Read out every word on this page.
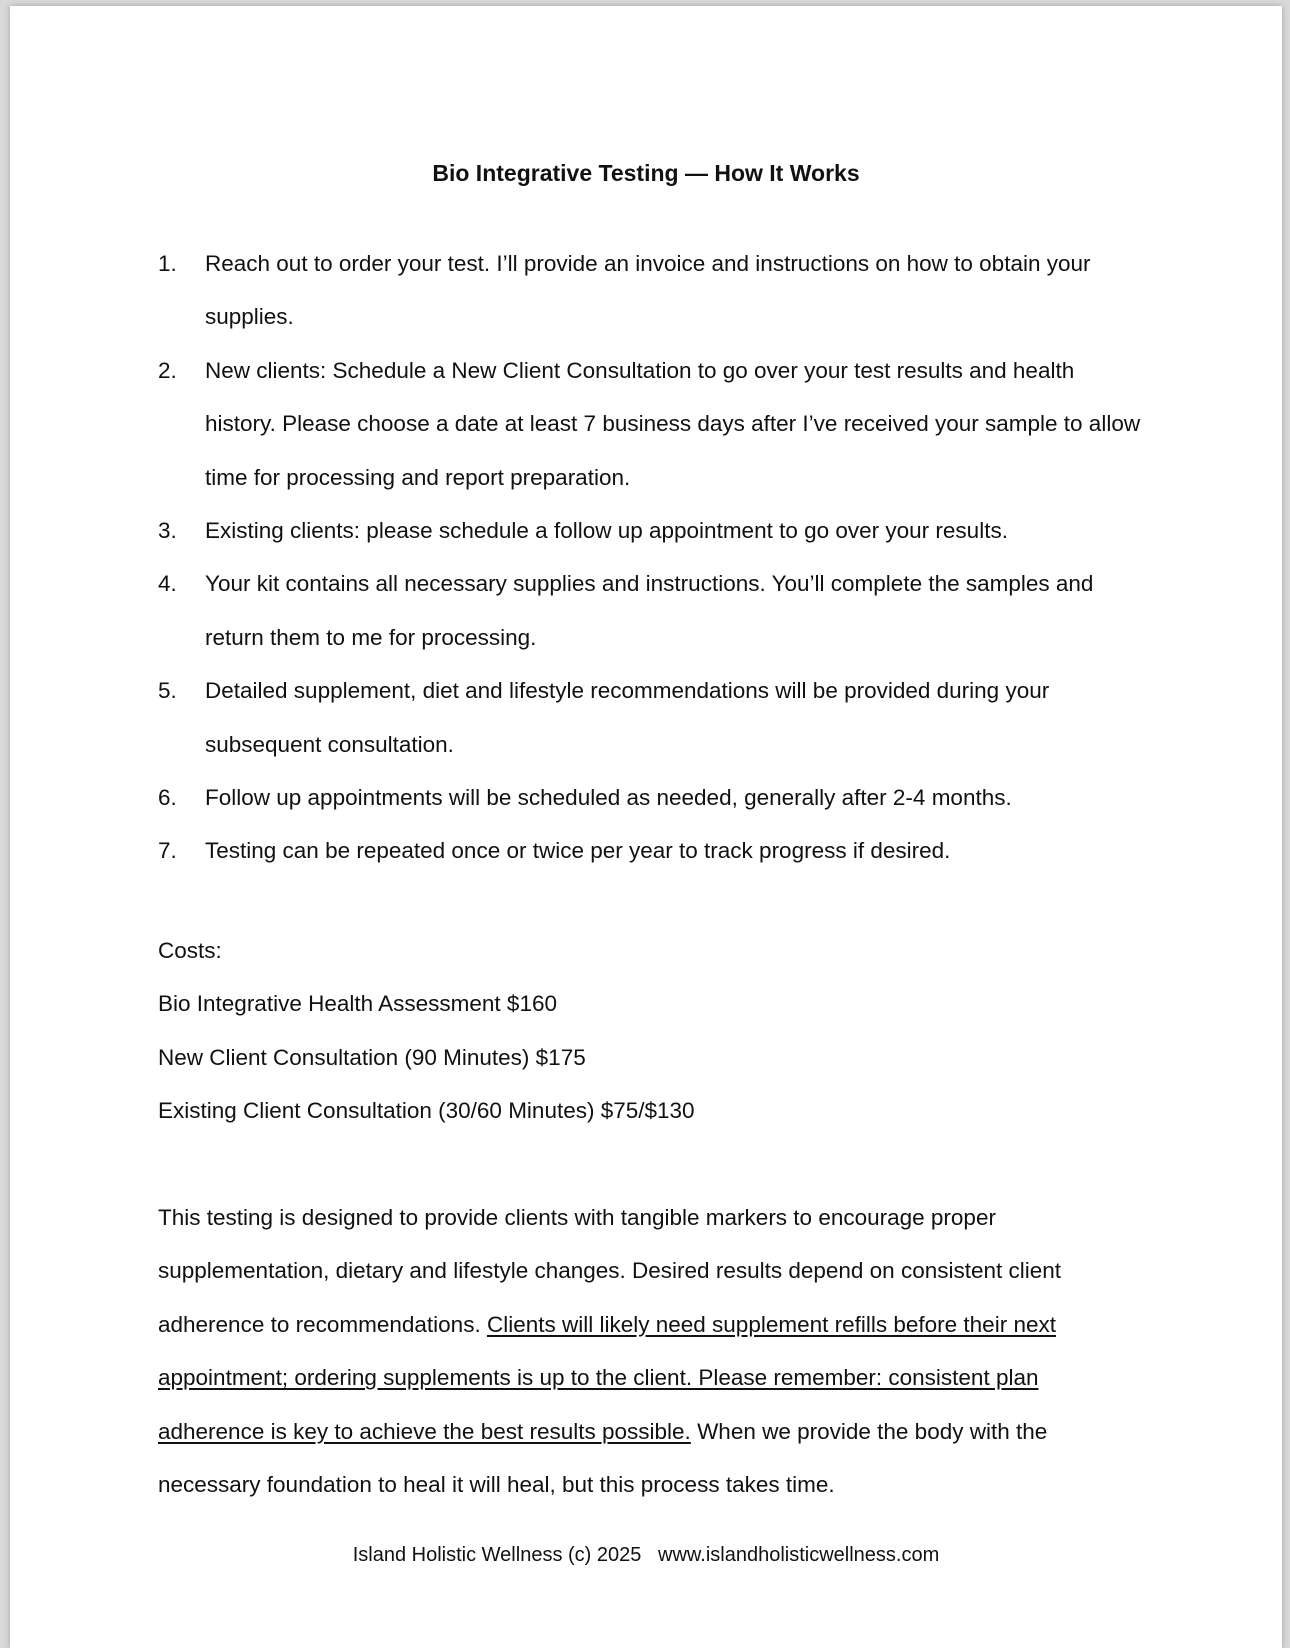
Bio Integrative Testing — How It Works
1. Reach out to order your test. I’ll provide an invoice and instructions on how to obtain your supplies.
2. New clients: Schedule a New Client Consultation to go over your test results and health history. Please choose a date at least 7 business days after I’ve received your sample to allow time for processing and report preparation.
3. Existing clients: please schedule a follow up appointment to go over your results.
4. Your kit contains all necessary supplies and instructions. You’ll complete the samples and return them to me for processing.
5. Detailed supplement, diet and lifestyle recommendations will be provided during your subsequent consultation.
6. Follow up appointments will be scheduled as needed, generally after 2-4 months.
7. Testing can be repeated once or twice per year to track progress if desired.
Costs:
Bio Integrative Health Assessment $160
New Client Consultation (90 Minutes) $175
Existing Client Consultation (30/60 Minutes) $75/$130
This testing is designed to provide clients with tangible markers to encourage proper supplementation, dietary and lifestyle changes. Desired results depend on consistent client adherence to recommendations. Clients will likely need supplement refills before their next appointment; ordering supplements is up to the client. Please remember: consistent plan adherence is key to achieve the best results possible. When we provide the body with the necessary foundation to heal it will heal, but this process takes time.
Island Holistic Wellness (c) 2025 www.islandholisticwellness.com
